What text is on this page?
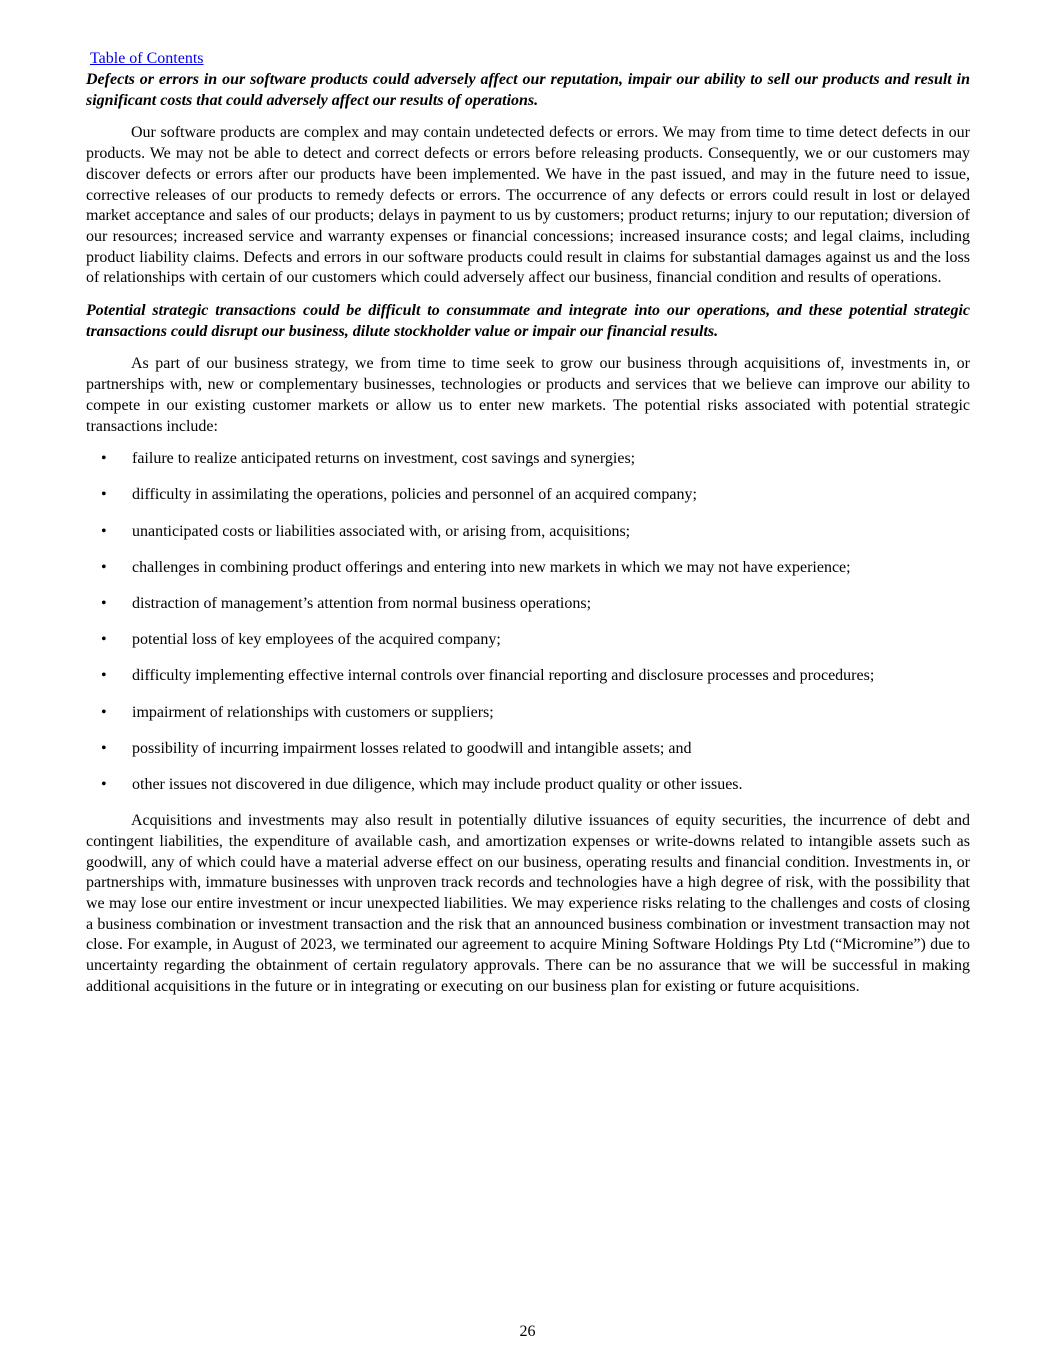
Table of Contents

Defects or errors in our software products could adversely affect our reputation, impair our ability to sell our products and result in significant costs that could adversely affect our results of operations.

Our software products are complex and may contain undetected defects or errors. We may from time to time detect defects in our products. We may not be able to detect and correct defects or errors before releasing products. Consequently, we or our customers may discover defects or errors after our products have been implemented. We have in the past issued, and may in the future need to issue, corrective releases of our products to remedy defects or errors. The occurrence of any defects or errors could result in lost or delayed market acceptance and sales of our products; delays in payment to us by customers; product returns; injury to our reputation; diversion of our resources; increased service and warranty expenses or financial concessions; increased insurance costs; and legal claims, including product liability claims. Defects and errors in our software products could result in claims for substantial damages against us and the loss of relationships with certain of our customers which could adversely affect our business, financial condition and results of operations.

Potential strategic transactions could be difficult to consummate and integrate into our operations, and these potential strategic transactions could disrupt our business, dilute stockholder value or impair our financial results.

As part of our business strategy, we from time to time seek to grow our business through acquisitions of, investments in, or partnerships with, new or complementary businesses, technologies or products and services that we believe can improve our ability to compete in our existing customer markets or allow us to enter new markets. The potential risks associated with potential strategic transactions include:

• failure to realize anticipated returns on investment, cost savings and synergies;
• difficulty in assimilating the operations, policies and personnel of an acquired company;
• unanticipated costs or liabilities associated with, or arising from, acquisitions;
• challenges in combining product offerings and entering into new markets in which we may not have experience;
• distraction of management’s attention from normal business operations;
• potential loss of key employees of the acquired company;
• difficulty implementing effective internal controls over financial reporting and disclosure processes and procedures;
• impairment of relationships with customers or suppliers;
• possibility of incurring impairment losses related to goodwill and intangible assets; and
• other issues not discovered in due diligence, which may include product quality or other issues.

Acquisitions and investments may also result in potentially dilutive issuances of equity securities, the incurrence of debt and contingent liabilities, the expenditure of available cash, and amortization expenses or write-downs related to intangible assets such as goodwill, any of which could have a material adverse effect on our business, operating results and financial condition. Investments in, or partnerships with, immature businesses with unproven track records and technologies have a high degree of risk, with the possibility that we may lose our entire investment or incur unexpected liabilities. We may experience risks relating to the challenges and costs of closing a business combination or investment transaction and the risk that an announced business combination or investment transaction may not close. For example, in August of 2023, we terminated our agreement to acquire Mining Software Holdings Pty Ltd (“Micromine”) due to uncertainty regarding the obtainment of certain regulatory approvals. There can be no assurance that we will be successful in making additional acquisitions in the future or in integrating or executing on our business plan for existing or future acquisitions.

26
